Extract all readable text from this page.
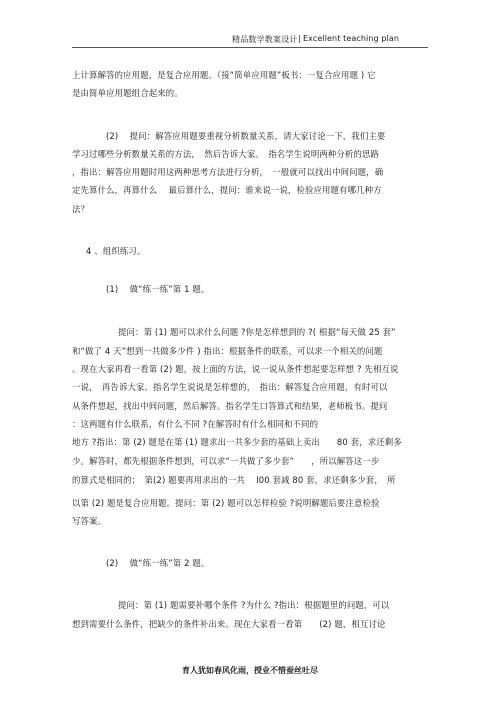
精品数学教案设计 | Excellent teaching plan
上计算解答的应用题，是复合应用题。（接“简单应用题”板书：一复合应用题 ) 它
是由简单应用题组合起来的。
(2)　 提问：解答应用题要重视分析数量关系，请大家讨论一下，我们主要
学习过哪些分析数量关系的方法，　然后告诉大家。　指名学生说明两种分析的思路
，指出：解答应用题时用这两种思考方法进行分析，　一般就可以找出中间问题，确
定先算什么，再算什么　 最后算什么，提问：谁来说一说，检验应用题有哪几种方
法？
4 、组织练习。
(1)　 做“练一练”第 1 题。
提问：第 (1) 题可以求什么问题 ?你是怎样想到的 ?( 根据“每天做 25 套”
和“做了 4 天”想到一共做多少件 ) 指出：根据条件的联系，可以求一个相关的问题
。现在大家再看一看第 (2) 题，按上面的方法，说一说从条件想起要怎样想 ? 先相互说
一说，　再告诉大家。指名学生说说是怎样想的，　指出：解答复合应用题，有时可以
从条件想起，找出中间问题，然后解答。指名学生口答算式和结果，老师板书。提问
：这两题有什么联系，有什么不同 ?在解答时有什么相同和不同的
地方 ?指出：第 (2) 题是在第 (1) 题求出一共多少套的基础上卖出　　80 套，求还剩多
少。解答时，都先根据条件想到，可以求“一共做了多少套”　　，所以解答这一步
的算式是相同的；　第(2) 题要再用求出的一共　 l00 套减 80 套，求还剩多少套，　所
以第 (2) 题是复合应用题。提问：第 (2) 题可以怎样检验 ?说明解题后要注意检验
写答案。
(2)　 做“练一练”第 2 题。
提问：第 (1) 题需要补哪个条件 ?为什么 ?指出：根据题里的问题，可以
想到需要什么条件，把缺少的条件补出来。现在大家看一看第　　(2) 题，相互讨论
育人犹如春风化雨，授业不惜蚕丝吐尽
